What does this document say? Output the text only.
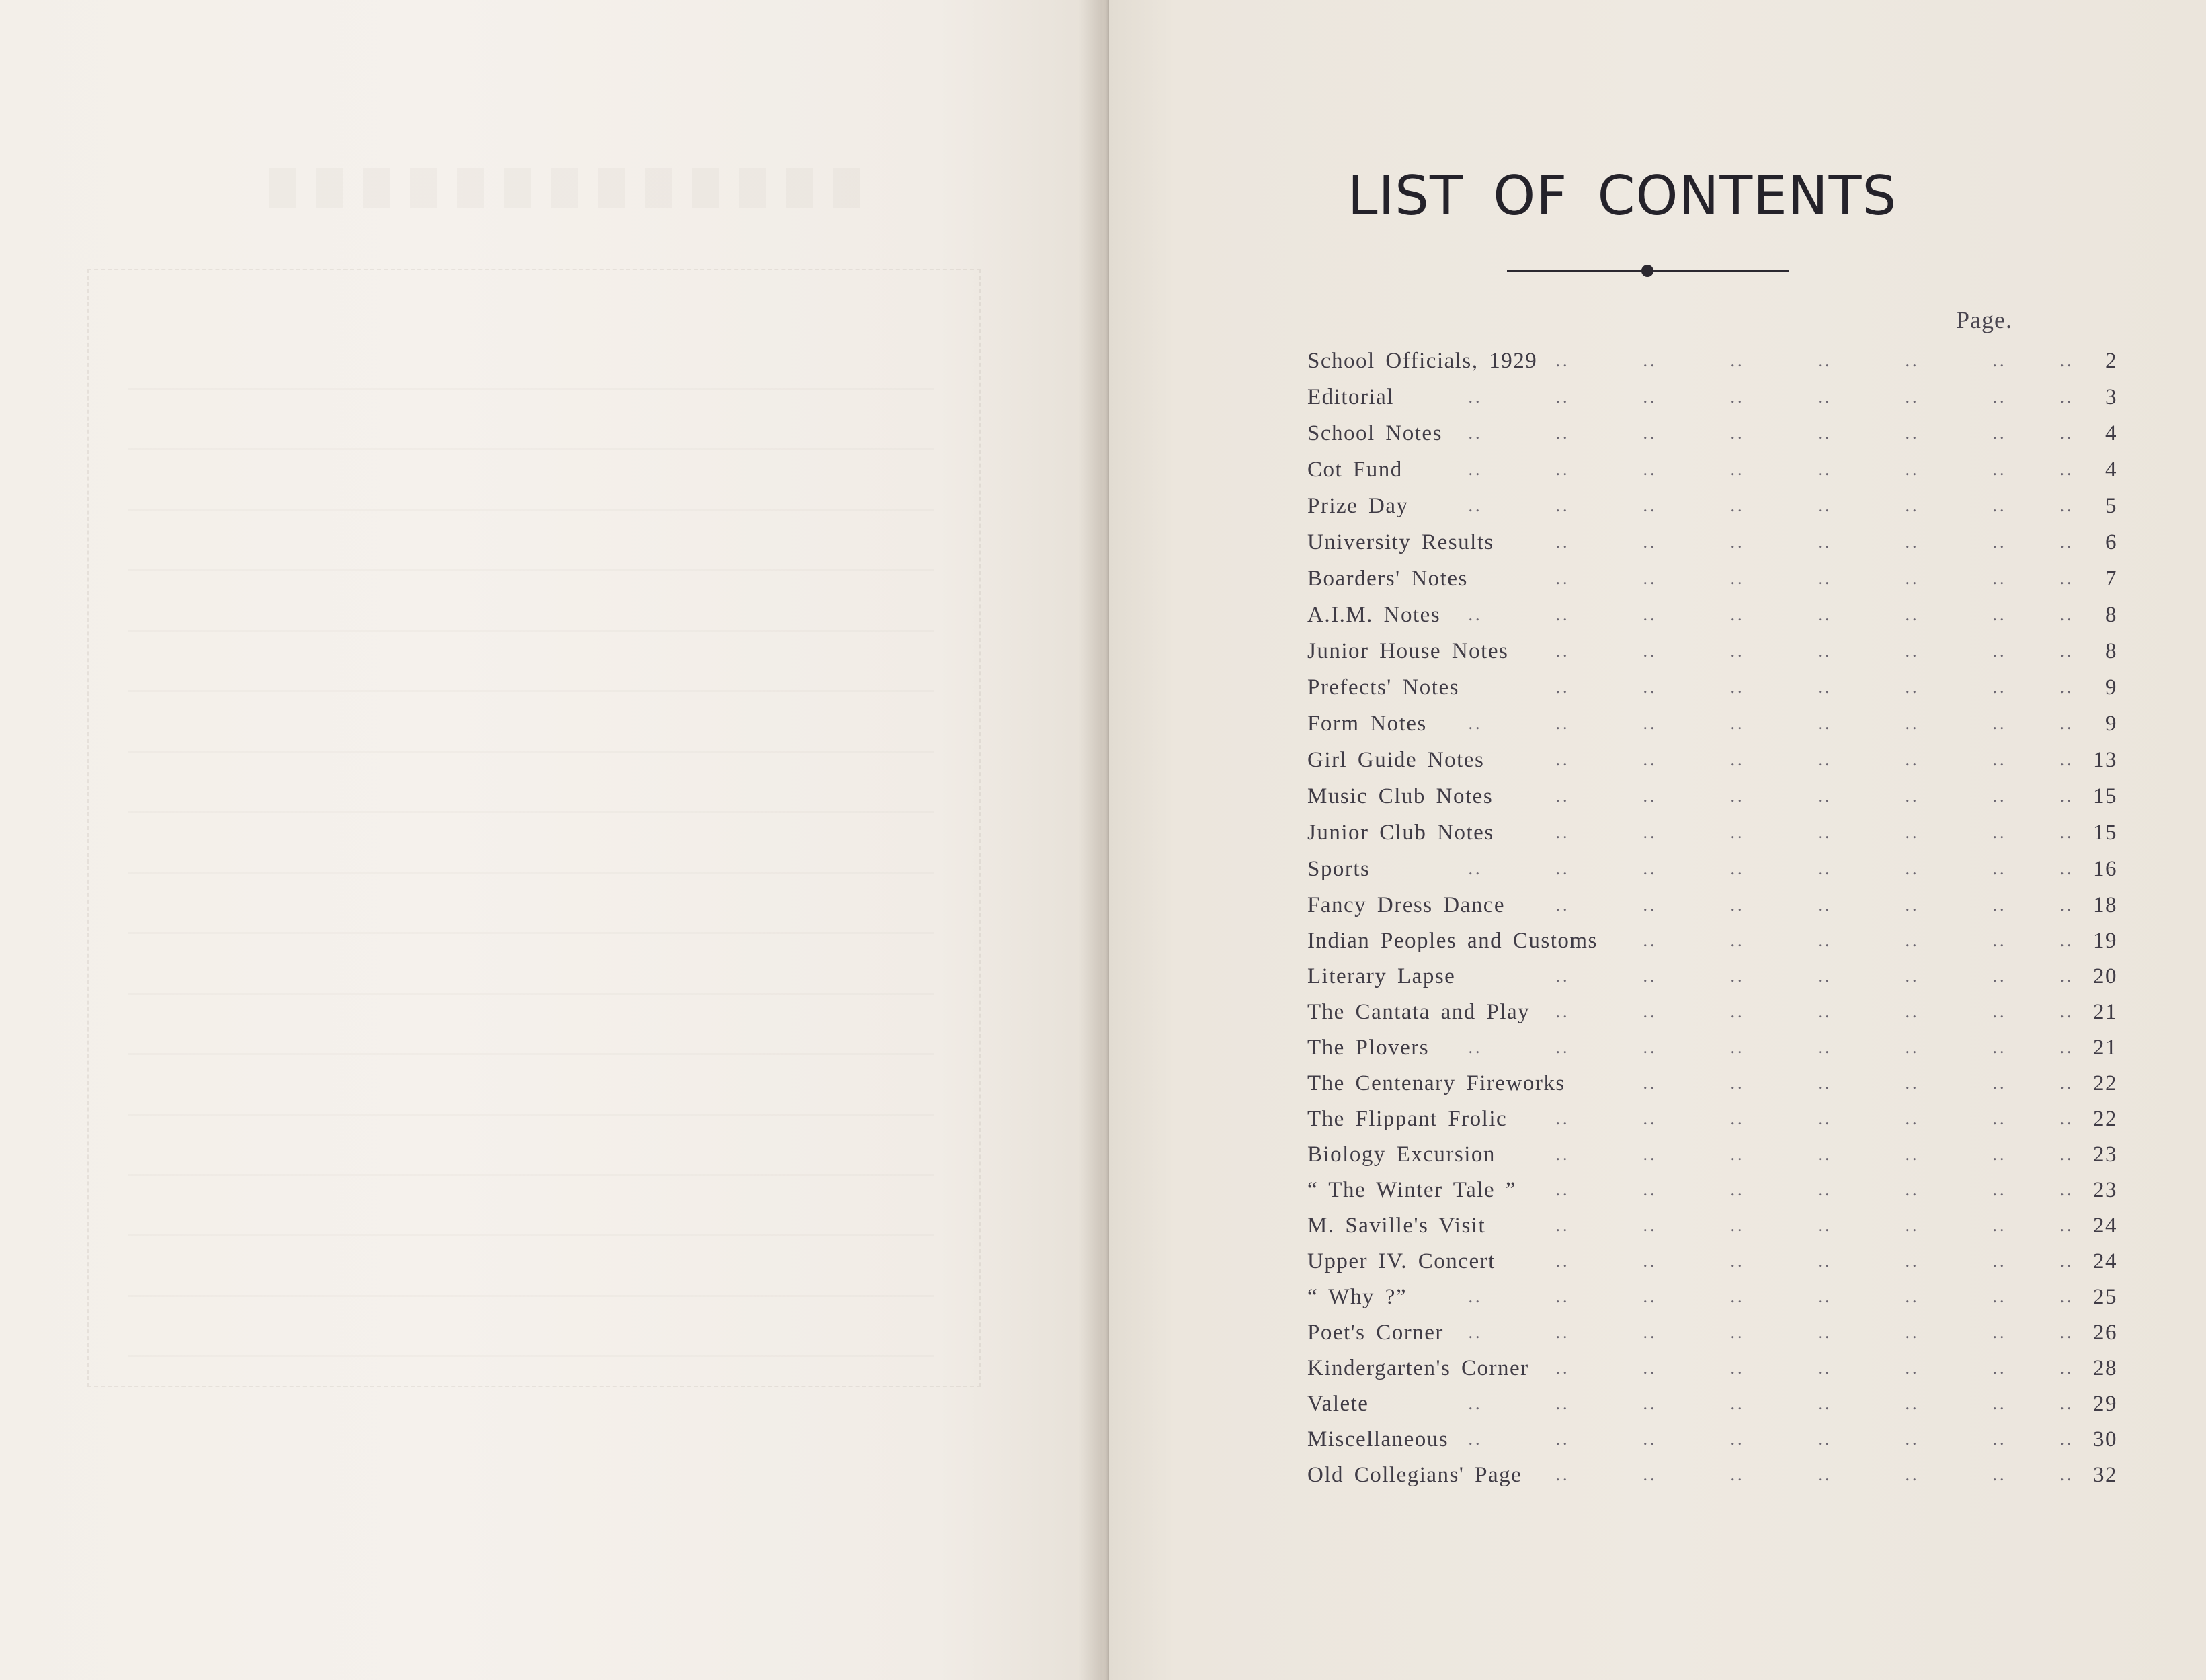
LIST OF CONTENTS
Page.
..	..	..	..	..	..	..
School Officials, 1929	2
..	..	..	..	..	..	..	..
Editorial	3
..	..	..	..	..	..	..	..
School Notes	4
..	..	..	..	..	..	..	..
Cot Fund	4
..	..	..	..	..	..	..	..
Prize Day	5
..	..	..	..	..	..	..
University Results	6
..	..	..	..	..	..	..
Boarders' Notes	7
..	..	..	..	..	..	..	..
A.I.M. Notes	8
..	..	..	..	..	..	..
Junior House Notes	8
..	..	..	..	..	..	..
Prefects' Notes	9
..	..	..	..	..	..	..	..
Form Notes	9
..	..	..	..	..	..	..
Girl Guide Notes	13
..	..	..	..	..	..	..
Music Club Notes	15
..	..	..	..	..	..	..
Junior Club Notes	15
..	..	..	..	..	..	..	..
Sports	16
..	..	..	..	..	..	..
Fancy Dress Dance	18
..	..	..	..	..	..
Indian Peoples and Customs	19
..	..	..	..	..	..	..
Literary Lapse	20
..	..	..	..	..	..	..
The Cantata and Play	21
..	..	..	..	..	..	..	..
The Plovers	21
..	..	..	..	..	..
The Centenary Fireworks	22
..	..	..	..	..	..	..
The Flippant Frolic	22
..	..	..	..	..	..	..
Biology Excursion	23
..	..	..	..	..	..	..
“ The Winter Tale ”	23
..	..	..	..	..	..	..
M. Saville's Visit	24
..	..	..	..	..	..	..
Upper IV. Concert	24
..	..	..	..	..	..	..	..
“ Why ?”	25
..	..	..	..	..	..	..	..
Poet's Corner	26
..	..	..	..	..	..	..
Kindergarten's Corner	28
..	..	..	..	..	..	..	..
Valete	29
..	..	..	..	..	..	..	..
Miscellaneous	30
..	..	..	..	..	..	..
Old Collegians' Page	32
